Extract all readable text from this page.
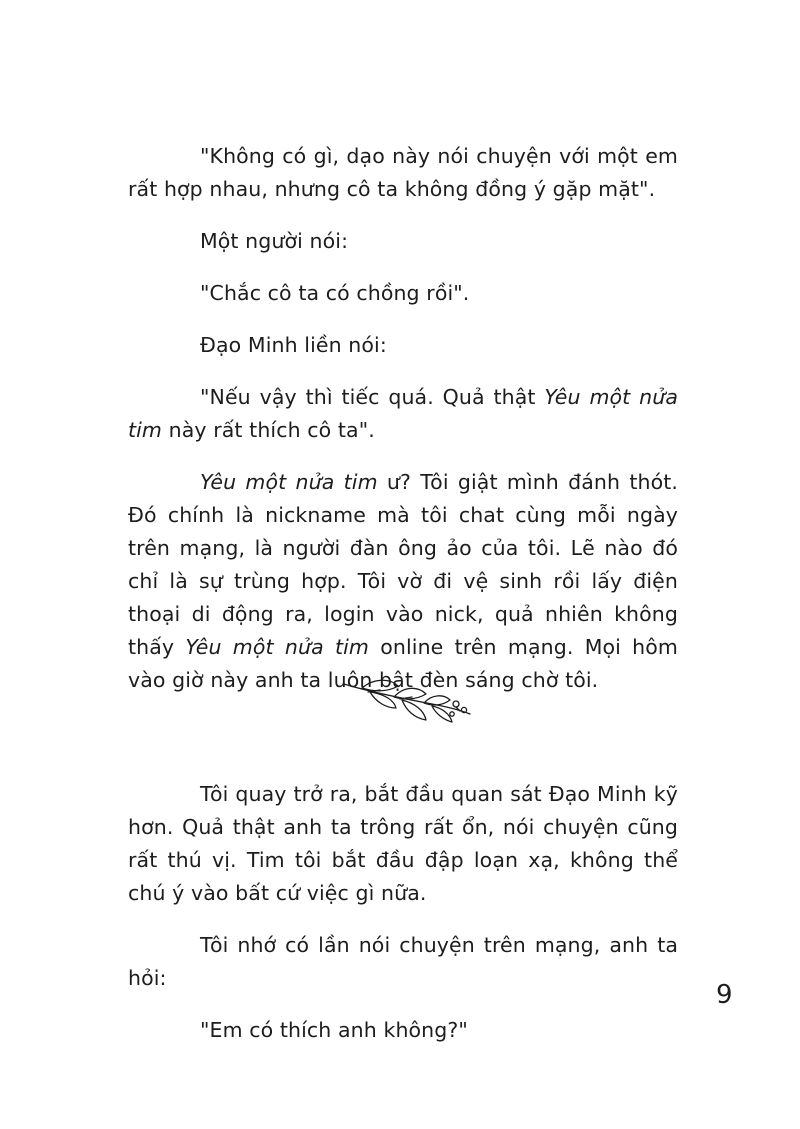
"Không có gì, dạo này nói chuyện với một em rất hợp nhau, nhưng cô ta không đồng ý gặp mặt".

Một người nói:

"Chắc cô ta có chồng rồi".

Đạo Minh liền nói:

"Nếu vậy thì tiếc quá. Quả thật Yêu một nửa tim này rất thích cô ta".

Yêu một nửa tim ư? Tôi giật mình đánh thót. Đó chính là nickname mà tôi chat cùng mỗi ngày trên mạng, là người đàn ông ảo của tôi. Lẽ nào đó chỉ là sự trùng hợp. Tôi vờ đi vệ sinh rồi lấy điện thoại di động ra, login vào nick, quả nhiên không thấy Yêu một nửa tim online trên mạng. Mọi hôm vào giờ này anh ta luôn bật đèn sáng chờ tôi.

Tôi quay trở ra, bắt đầu quan sát Đạo Minh kỹ hơn. Quả thật anh ta trông rất ổn, nói chuyện cũng rất thú vị. Tim tôi bắt đầu đập loạn xạ, không thể chú ý vào bất cứ việc gì nữa.

Tôi nhớ có lần nói chuyện trên mạng, anh ta hỏi:

"Em có thích anh không?"

9
